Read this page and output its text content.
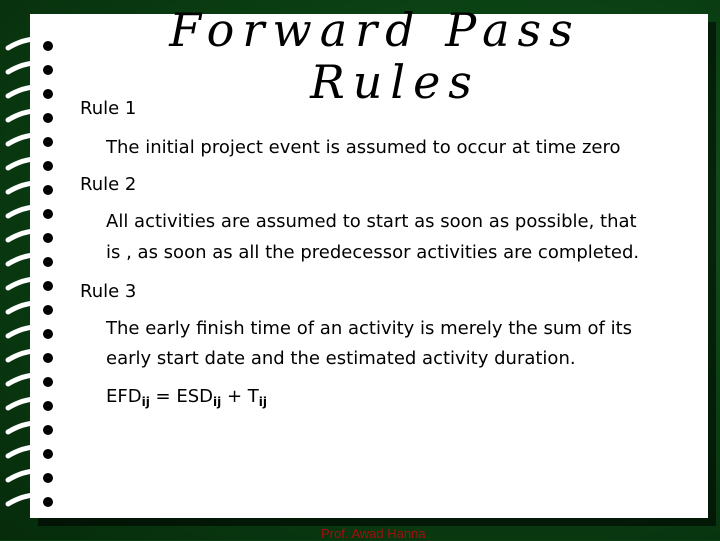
Forward Pass
Rules
Rule 1
The initial project event is assumed to occur at time zero
Rule 2
All activities are assumed to start as soon as possible, that
is , as soon as all the predecessor activities are completed.
Rule 3
The early finish time of an activity is merely the sum of its
early start date and the estimated activity duration.
$EFD_{ij} = ESD_{ij} + T_{ij}$
Prof. Awad Hanna
